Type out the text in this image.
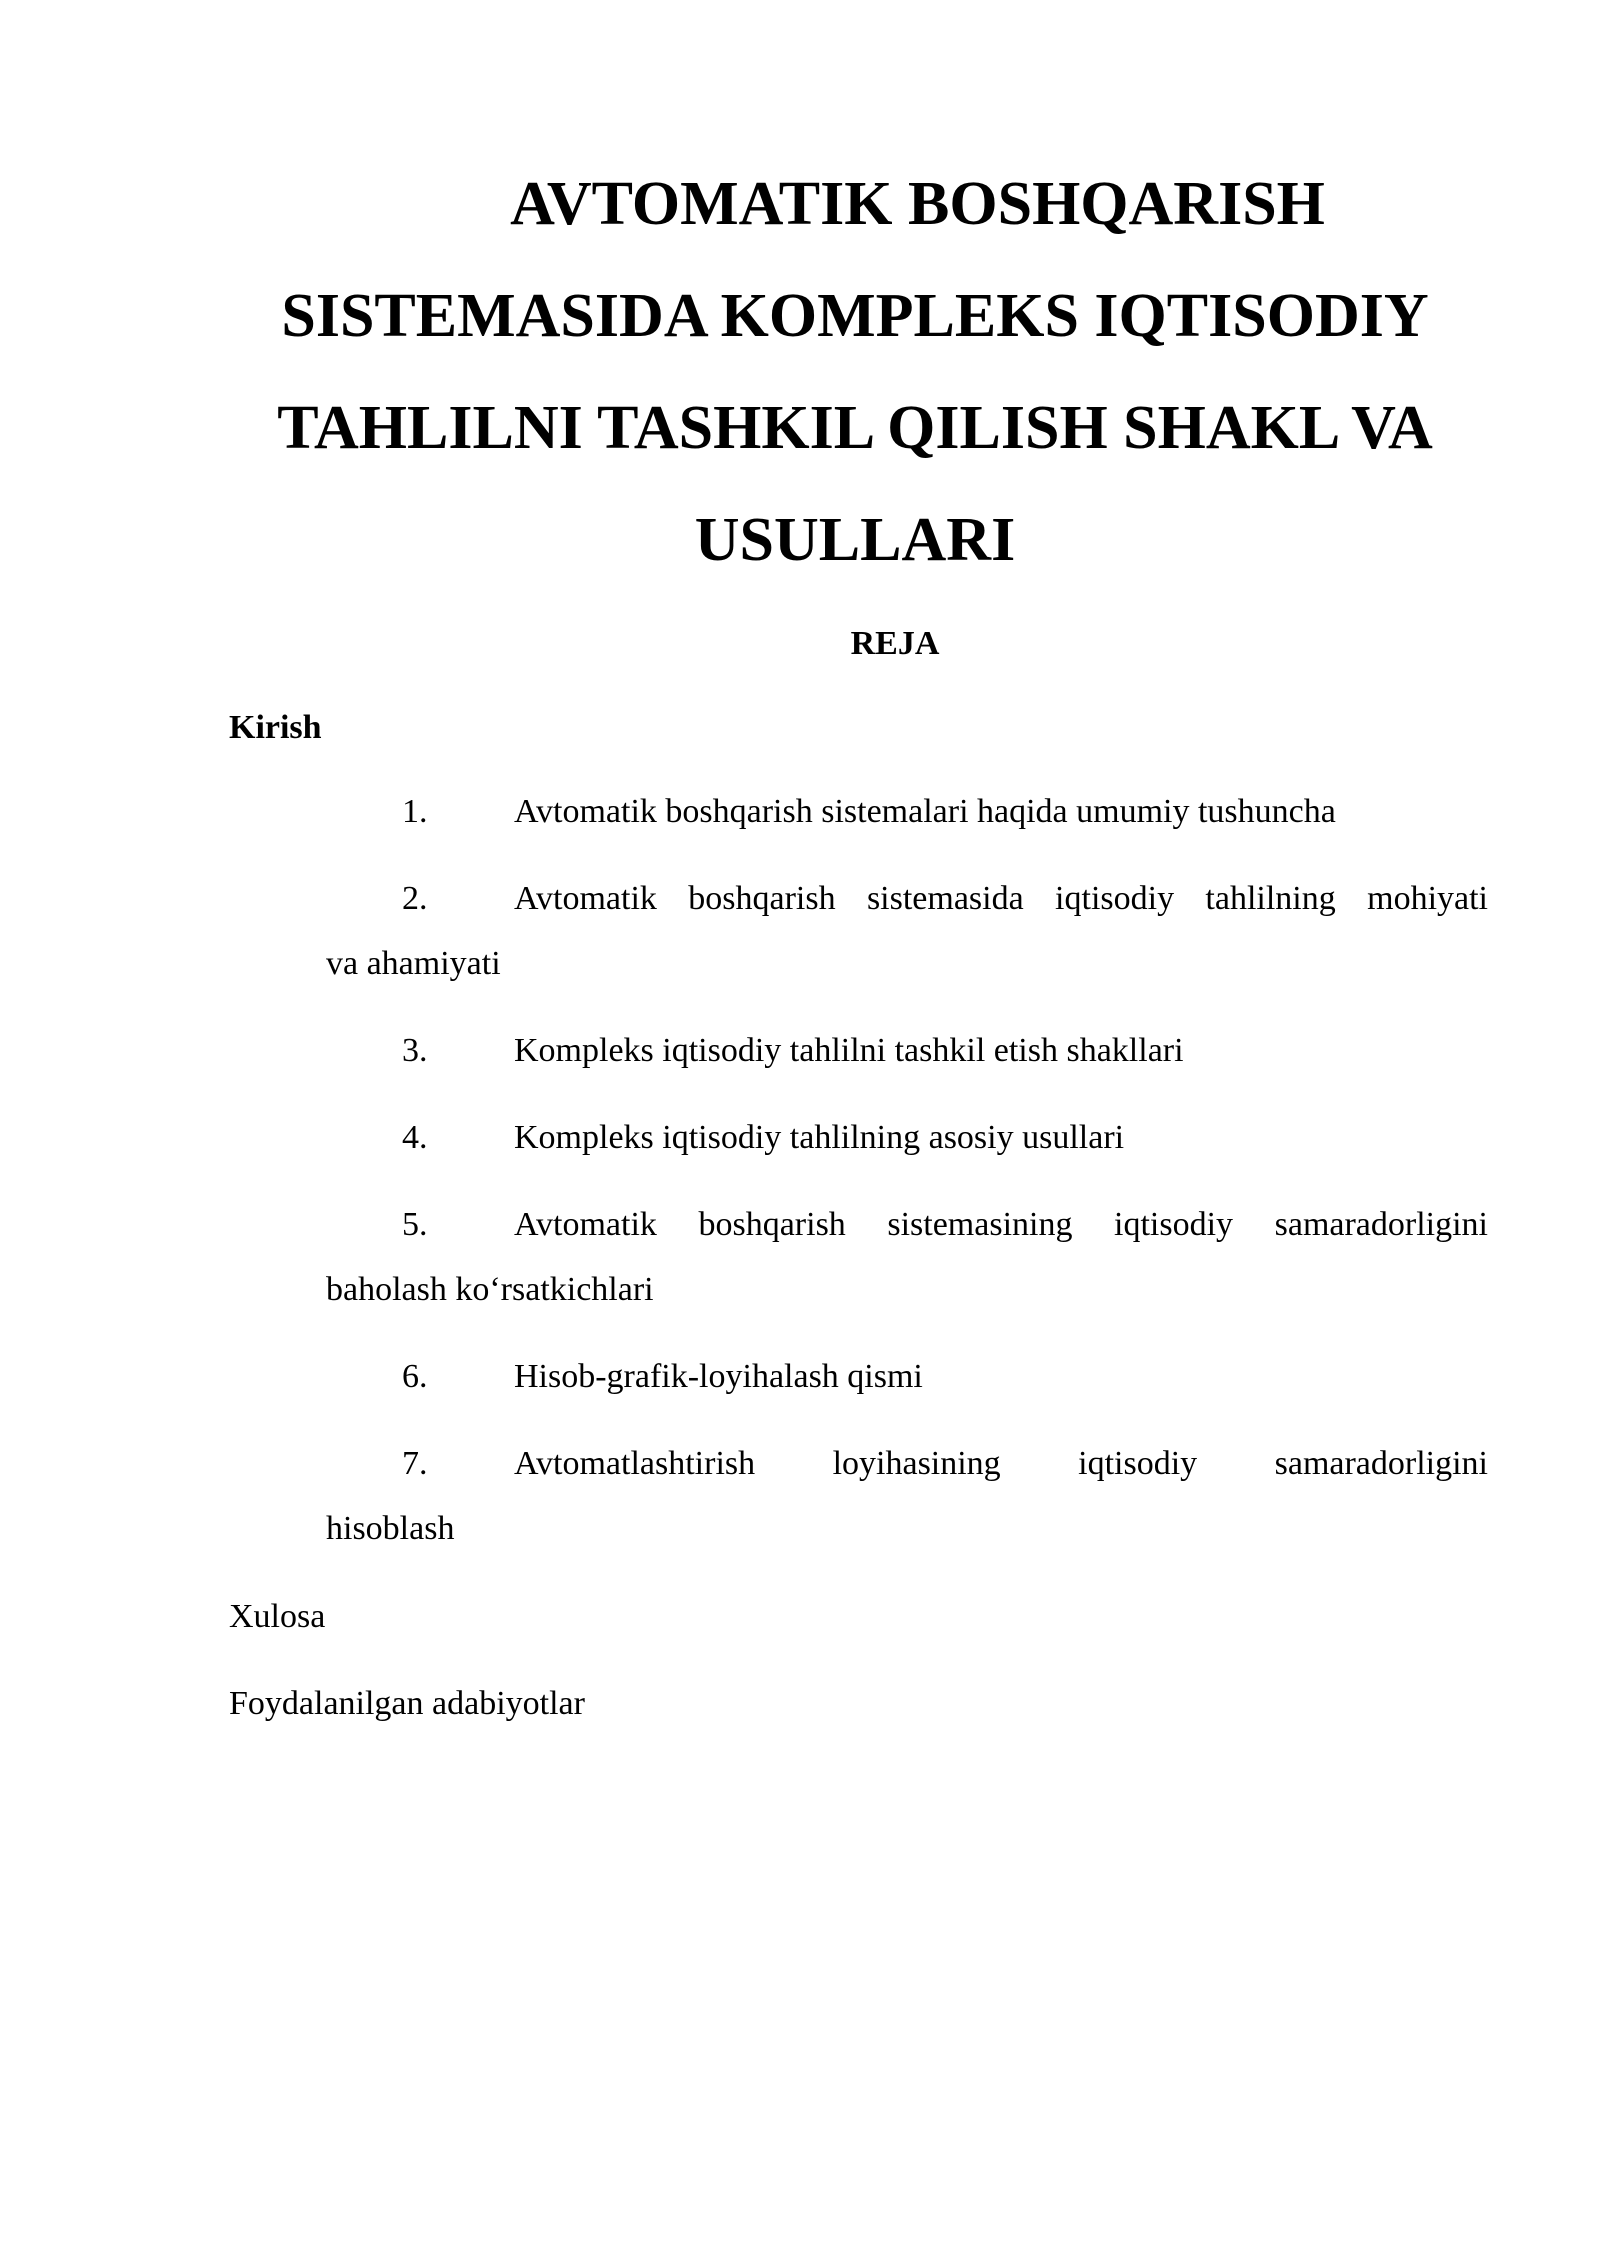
AVTOMATIK BOSHQARISH SISTEMASIDA KOMPLEKS IQTISODIY TAHLILNI TASHKIL QILISH SHAKL VA USULLARI
REJA
Kirish
1.	Avtomatik boshqarish sistemalari haqida umumiy tushuncha
2.	Avtomatik boshqarish sistemasida iqtisodiy tahlilning mohiyati
va ahamiyati
3.	Kompleks iqtisodiy tahlilni tashkil etish shakllari
4.	Kompleks iqtisodiy tahlilning asosiy usullari
5.	Avtomatik boshqarish sistemasining iqtisodiy samaradorligini
baholash ko‘rsatkichlari
6.	Hisob-grafik-loyihalash qismi
7.	Avtomatlashtirish loyihasining iqtisodiy samaradorligini
hisoblash
Xulosa
Foydalanilgan adabiyotlar
